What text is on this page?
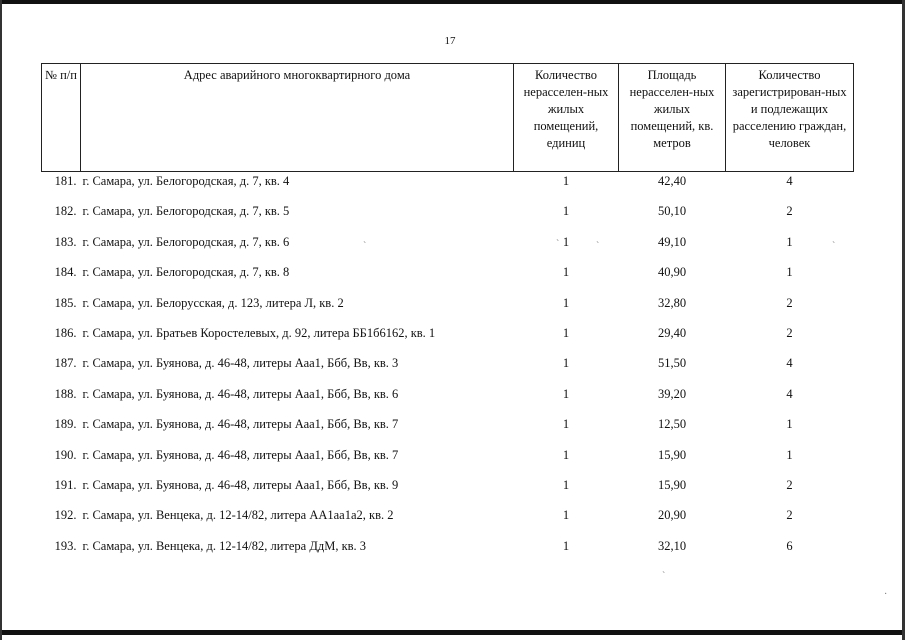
17
№ п/п	Адрес аварийного многоквартирного дома	Количество нерасселен-ных жилых помещений, единиц	Площадь нерасселен-ных жилых помещений, кв. метров	Количество зарегистрирован-ных и подлежащих расселению граждан, человек
181.	г. Самара, ул. Белогородская, д. 7, кв. 4	1	42,40	4
182.	г. Самара, ул. Белогородская, д. 7, кв. 5	1	50,10	2
183.	г. Самара, ул. Белогородская, д. 7, кв. 6	1	49,10	1
184.	г. Самара, ул. Белогородская, д. 7, кв. 8	1	40,90	1
185.	г. Самара, ул. Белорусская, д. 123, литера Л, кв. 2	1	32,80	2
186.	г. Самара, ул. Братьев Коростелевых, д. 92, литера ББ1б6162, кв. 1	1	29,40	2
187.	г. Самара, ул. Буянова, д. 46-48, литеры Ааа1, Ббб, Вв, кв. 3	1	51,50	4
188.	г. Самара, ул. Буянова, д. 46-48, литеры Ааа1, Ббб, Вв, кв. 6	1	39,20	4
189.	г. Самара, ул. Буянова, д. 46-48, литеры Ааа1, Ббб, Вв, кв. 7	1	12,50	1
190.	г. Самара, ул. Буянова, д. 46-48, литеры Ааа1, Ббб, Вв, кв. 7	1	15,90	1
191.	г. Самара, ул. Буянова, д. 46-48, литеры Ааа1, Ббб, Вв, кв. 9	1	15,90	2
192.	г. Самара, ул. Венцека, д. 12-14/82, литера АА1аа1а2, кв. 2	1	20,90	2
193.	г. Самара, ул. Венцека, д. 12-14/82, литера ДдМ, кв. 3	1	32,10	6
ˋ	ˋ	ˋ	ˋ
ˋ
·
